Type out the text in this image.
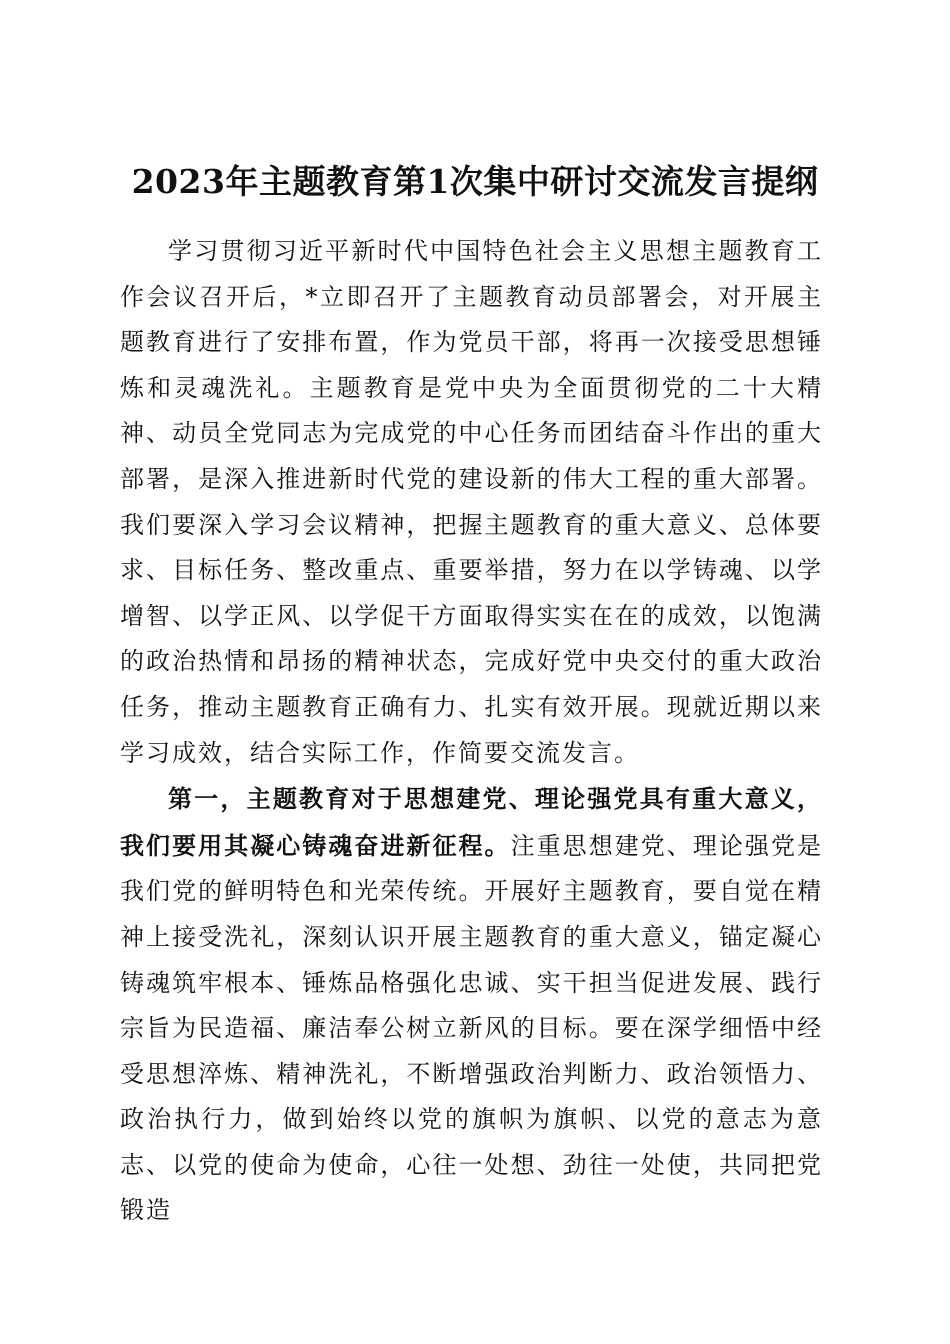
2023年主题教育第1次集中研讨交流发言提纲

学习贯彻习近平新时代中国特色社会主义思想主题教育工作会议召开后，*立即召开了主题教育动员部署会，对开展主题教育进行了安排布置，作为党员干部，将再一次接受思想锤炼和灵魂洗礼。主题教育是党中央为全面贯彻党的二十大精神、动员全党同志为完成党的中心任务而团结奋斗作出的重大部署，是深入推进新时代党的建设新的伟大工程的重大部署。我们要深入学习会议精神，把握主题教育的重大意义、总体要求、目标任务、整改重点、重要举措，努力在以学铸魂、以学增智、以学正风、以学促干方面取得实实在在的成效，以饱满的政治热情和昂扬的精神状态，完成好党中央交付的重大政治任务，推动主题教育正确有力、扎实有效开展。现就近期以来学习成效，结合实际工作，作简要交流发言。

第一，主题教育对于思想建党、理论强党具有重大意义，我们要用其凝心铸魂奋进新征程。注重思想建党、理论强党是我们党的鲜明特色和光荣传统。开展好主题教育，要自觉在精神上接受洗礼，深刻认识开展主题教育的重大意义，锚定凝心铸魂筑牢根本、锤炼品格强化忠诚、实干担当促进发展、践行宗旨为民造福、廉洁奉公树立新风的目标。要在深学细悟中经受思想淬炼、精神洗礼，不断增强政治判断力、政治领悟力、政治执行力，做到始终以党的旗帜为旗帜、以党的意志为意志、以党的使命为使命，心往一处想、劲往一处使，共同把党锻造
